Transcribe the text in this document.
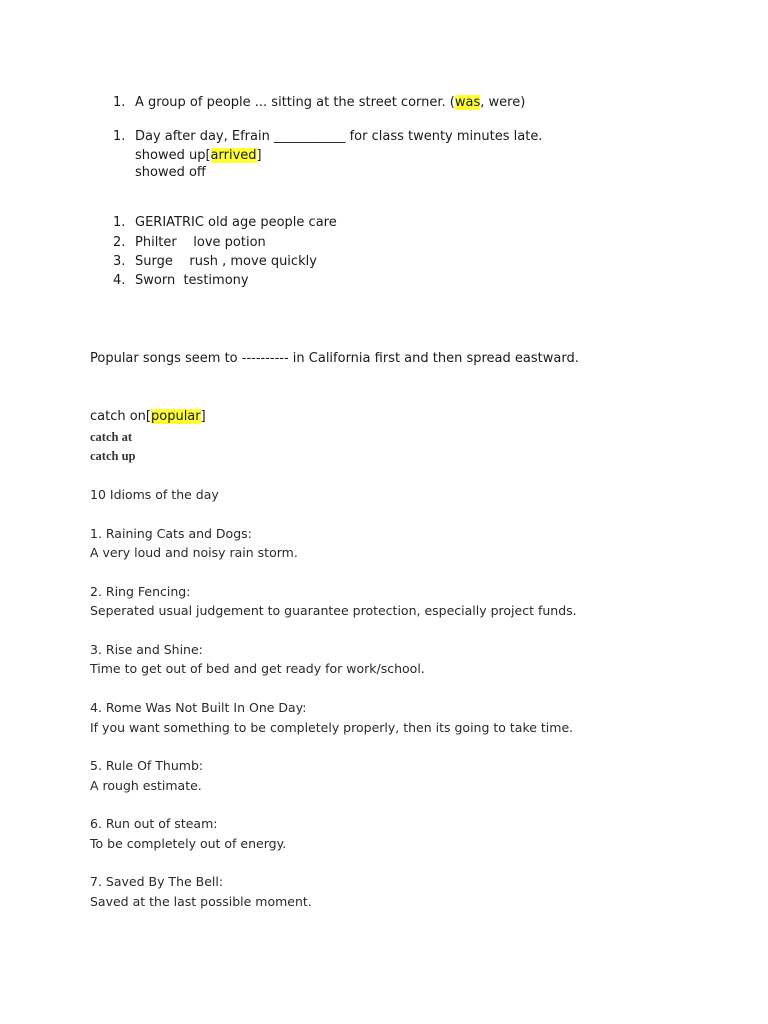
1. A group of people ... sitting at the street corner. (was, were)
1. Day after day, Efrain ___________ for class twenty minutes late.
showed up[arrived]
showed off
1. GERIATRIC old age people care
2. Philter    love potion
3. Surge    rush , move quickly
4. Sworn  testimony
Popular songs seem to ---------- in California first and then spread eastward.
catch on[popular]
catch at
catch up
10 Idioms of the day
1. Raining Cats and Dogs:
A very loud and noisy rain storm.
2. Ring Fencing:
Seperated usual judgement to guarantee protection, especially project funds.
3. Rise and Shine:
Time to get out of bed and get ready for work/school.
4. Rome Was Not Built In One Day:
If you want something to be completely properly, then its going to take time.
5. Rule Of Thumb:
A rough estimate.
6. Run out of steam:
To be completely out of energy.
7. Saved By The Bell:
Saved at the last possible moment.
